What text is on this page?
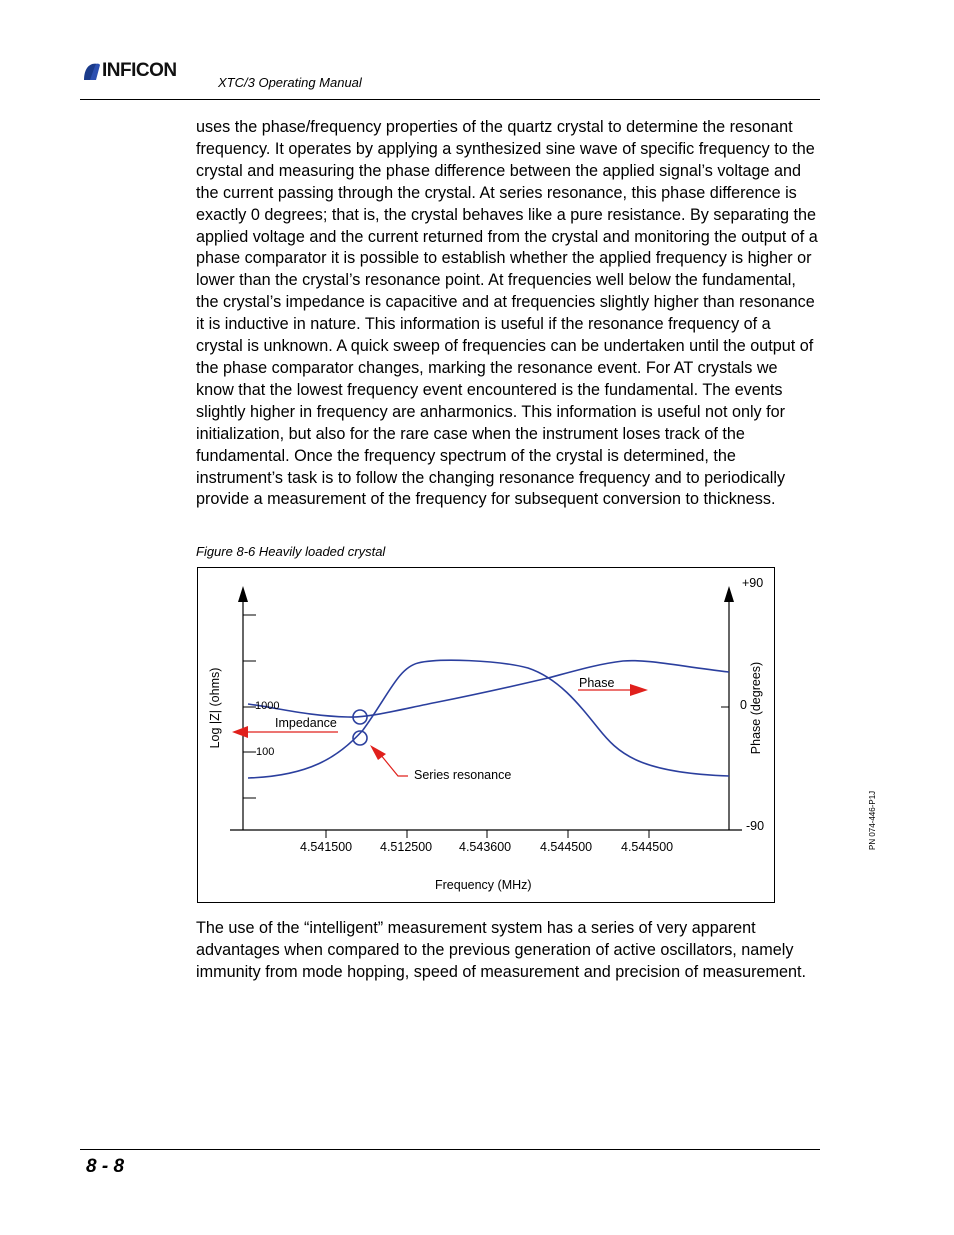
INFICON
XTC/3 Operating Manual

uses the phase/frequency properties of the quartz crystal to determine the resonant frequency. It operates by applying a synthesized sine wave of specific frequency to the crystal and measuring the phase difference between the applied signal’s voltage and the current passing through the crystal. At series resonance, this phase difference is exactly 0 degrees; that is, the crystal behaves like a pure resistance. By separating the applied voltage and the current returned from the crystal and monitoring the output of a phase comparator it is possible to establish whether the applied frequency is higher or lower than the crystal’s resonance point. At frequencies well below the fundamental, the crystal’s impedance is capacitive and at frequencies slightly higher than resonance it is inductive in nature. This information is useful if the resonance frequency of a crystal is unknown. A quick sweep of frequencies can be undertaken until the output of the phase comparator changes, marking the resonance event. For AT crystals we know that the lowest frequency event encountered is the fundamental. The events slightly higher in frequency are anharmonics. This information is useful not only for initialization, but also for the rare case when the instrument loses track of the fundamental. Once the frequency spectrum of the crystal is determined, the instrument’s task is to follow the changing resonance frequency and to periodically provide a measurement of the frequency for subsequent conversion to thickness.

Figure 8-6 Heavily loaded crystal
Log |Z| (ohms)	Phase (degrees)
1000
100
+90
0
-90
4.541500 4.512500 4.543600 4.544500 4.544500
Frequency (MHz)
Impedance
Phase
Series resonance

The use of the “intelligent” measurement system has a series of very apparent advantages when compared to the previous generation of active oscillators, namely immunity from mode hopping, speed of measurement and precision of measurement.

PN 074-446-P1J
8 - 8
